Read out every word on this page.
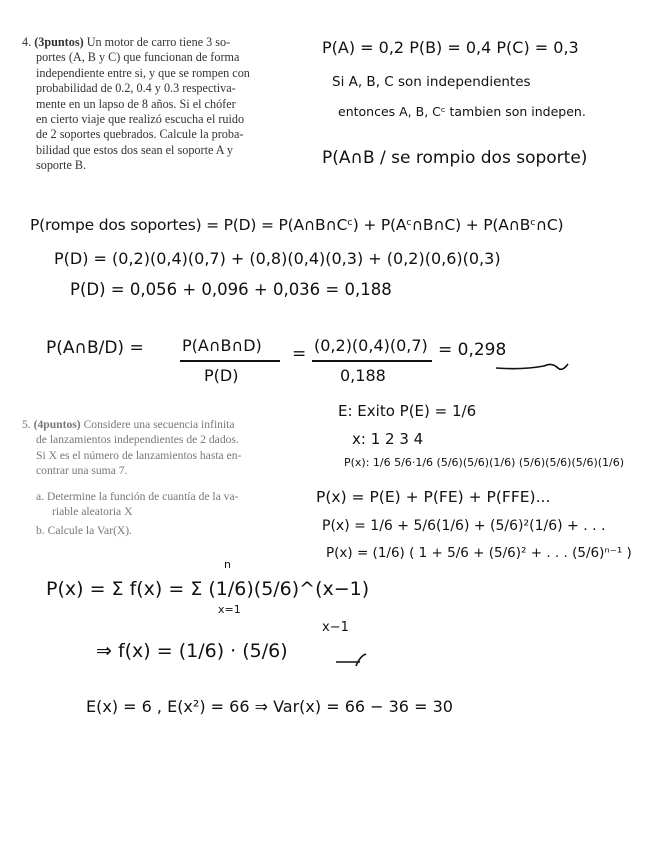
4. (3puntos) Un motor de carro tiene 3 so-
portes (A, B y C) que funcionan de forma
independiente entre si, y que se rompen con
probabilidad de 0.2, 0.4 y 0.3 respectiva-
mente en un lapso de 8 años. Si el chófer
en cierto viaje que realizó escucha el ruido
de 2 soportes quebrados. Calcule la proba-
bilidad que estos dos sean el soporte A y
soporte B.
5. (4puntos) Considere una secuencia infinita
de lanzamientos independientes de 2 dados.
Si X es el número de lanzamientos hasta en-
contrar una suma 7.
a. Determine la función de cuantía de la va-
riable aleatoria X
b. Calcule la Var(X).
P(A) = 0,2 P(B) = 0,4 P(C) = 0,3
Si A, B, C son independientes
entonces A, B, Cᶜ tambien son indepen.
P(A∩B / se rompio dos soporte)
P(rompe dos soportes) = P(D) = P(A∩B∩Cᶜ) + P(Aᶜ∩B∩C) + P(A∩Bᶜ∩C)
P(D) = (0,2)(0,4)(0,7) + (0,8)(0,4)(0,3) + (0,2)(0,6)(0,3)
P(D) = 0,056 + 0,096 + 0,036 = 0,188
P(A∩B/D) = P(A∩B∩D)
P(D)
= (0,2)(0,4)(0,7)
0,188
= 0,298
E: Exito P(E) = 1/6
x: 1 2 3 4
P(x): 1/6 5/6·1/6 (5/6)(5/6)(1/6) (5/6)(5/6)(5/6)(1/6)
P(x) = P(E) + P(FE) + P(FFE)...
P(x) = 1/6 + 5/6(1/6) + (5/6)²(1/6) + . . .
P(x) = (1/6) ( 1 + 5/6 + (5/6)² + . . . (5/6)ⁿ⁻¹ )
P(x) = Σ f(x) = Σ (1/6)(5/6)^(x−1)
n
x=1
⇒ f(x) = (1/6) · (5/6)
x−1
E(x) = 6 , E(x²) = 66 ⇒ Var(x) = 66 − 36 = 30
